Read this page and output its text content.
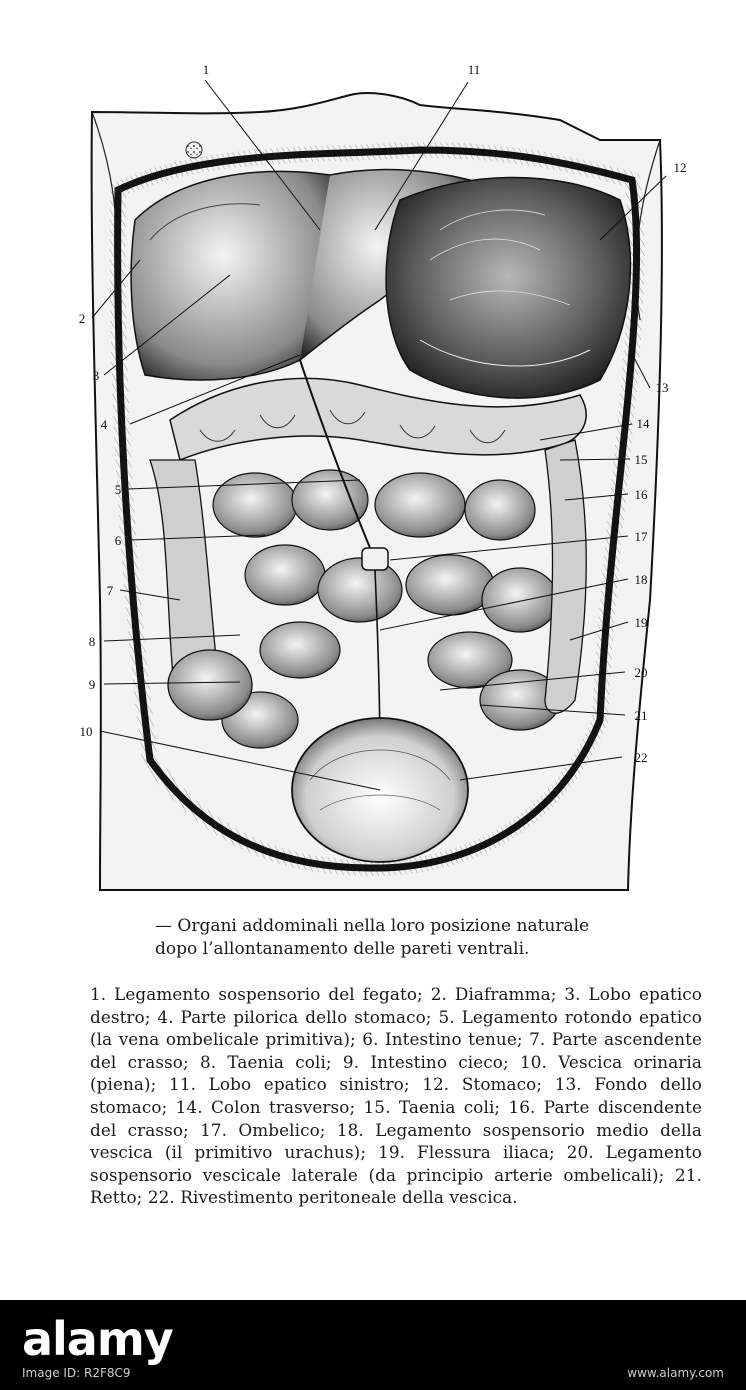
1	11
2
3
4
5
6
7
8
9
10
12
13
14
15
16
17
18
19
20
21
22
— Organi addominali nella loro posizione naturale
dopo l’allontanamento delle pareti ventrali.
1. Legamento sospensorio del fegato; 2. Diaframma; 3. Lobo epatico destro; 4. Parte pilorica dello stomaco; 5. Legamento rotondo epatico (la vena ombelicale primitiva); 6. Intestino tenue; 7. Parte ascendente del crasso; 8. Taenia coli; 9. Intestino cieco; 10. Vescica orinaria (piena); 11. Lobo epatico sinistro; 12. Stomaco; 13. Fondo dello stomaco; 14. Colon trasverso; 15. Taenia coli; 16. Parte discendente del crasso; 17. Ombelico; 18. Legamento sospensorio medio della vescica (il primitivo urachus); 19. Flessura iliaca; 20. Legamento sospensorio vescicale laterale (da principio arterie ombelicali); 21. Retto; 22. Rivestimento peritoneale della vescica.
alamy
Image ID: R2F8C9	www.alamy.com
